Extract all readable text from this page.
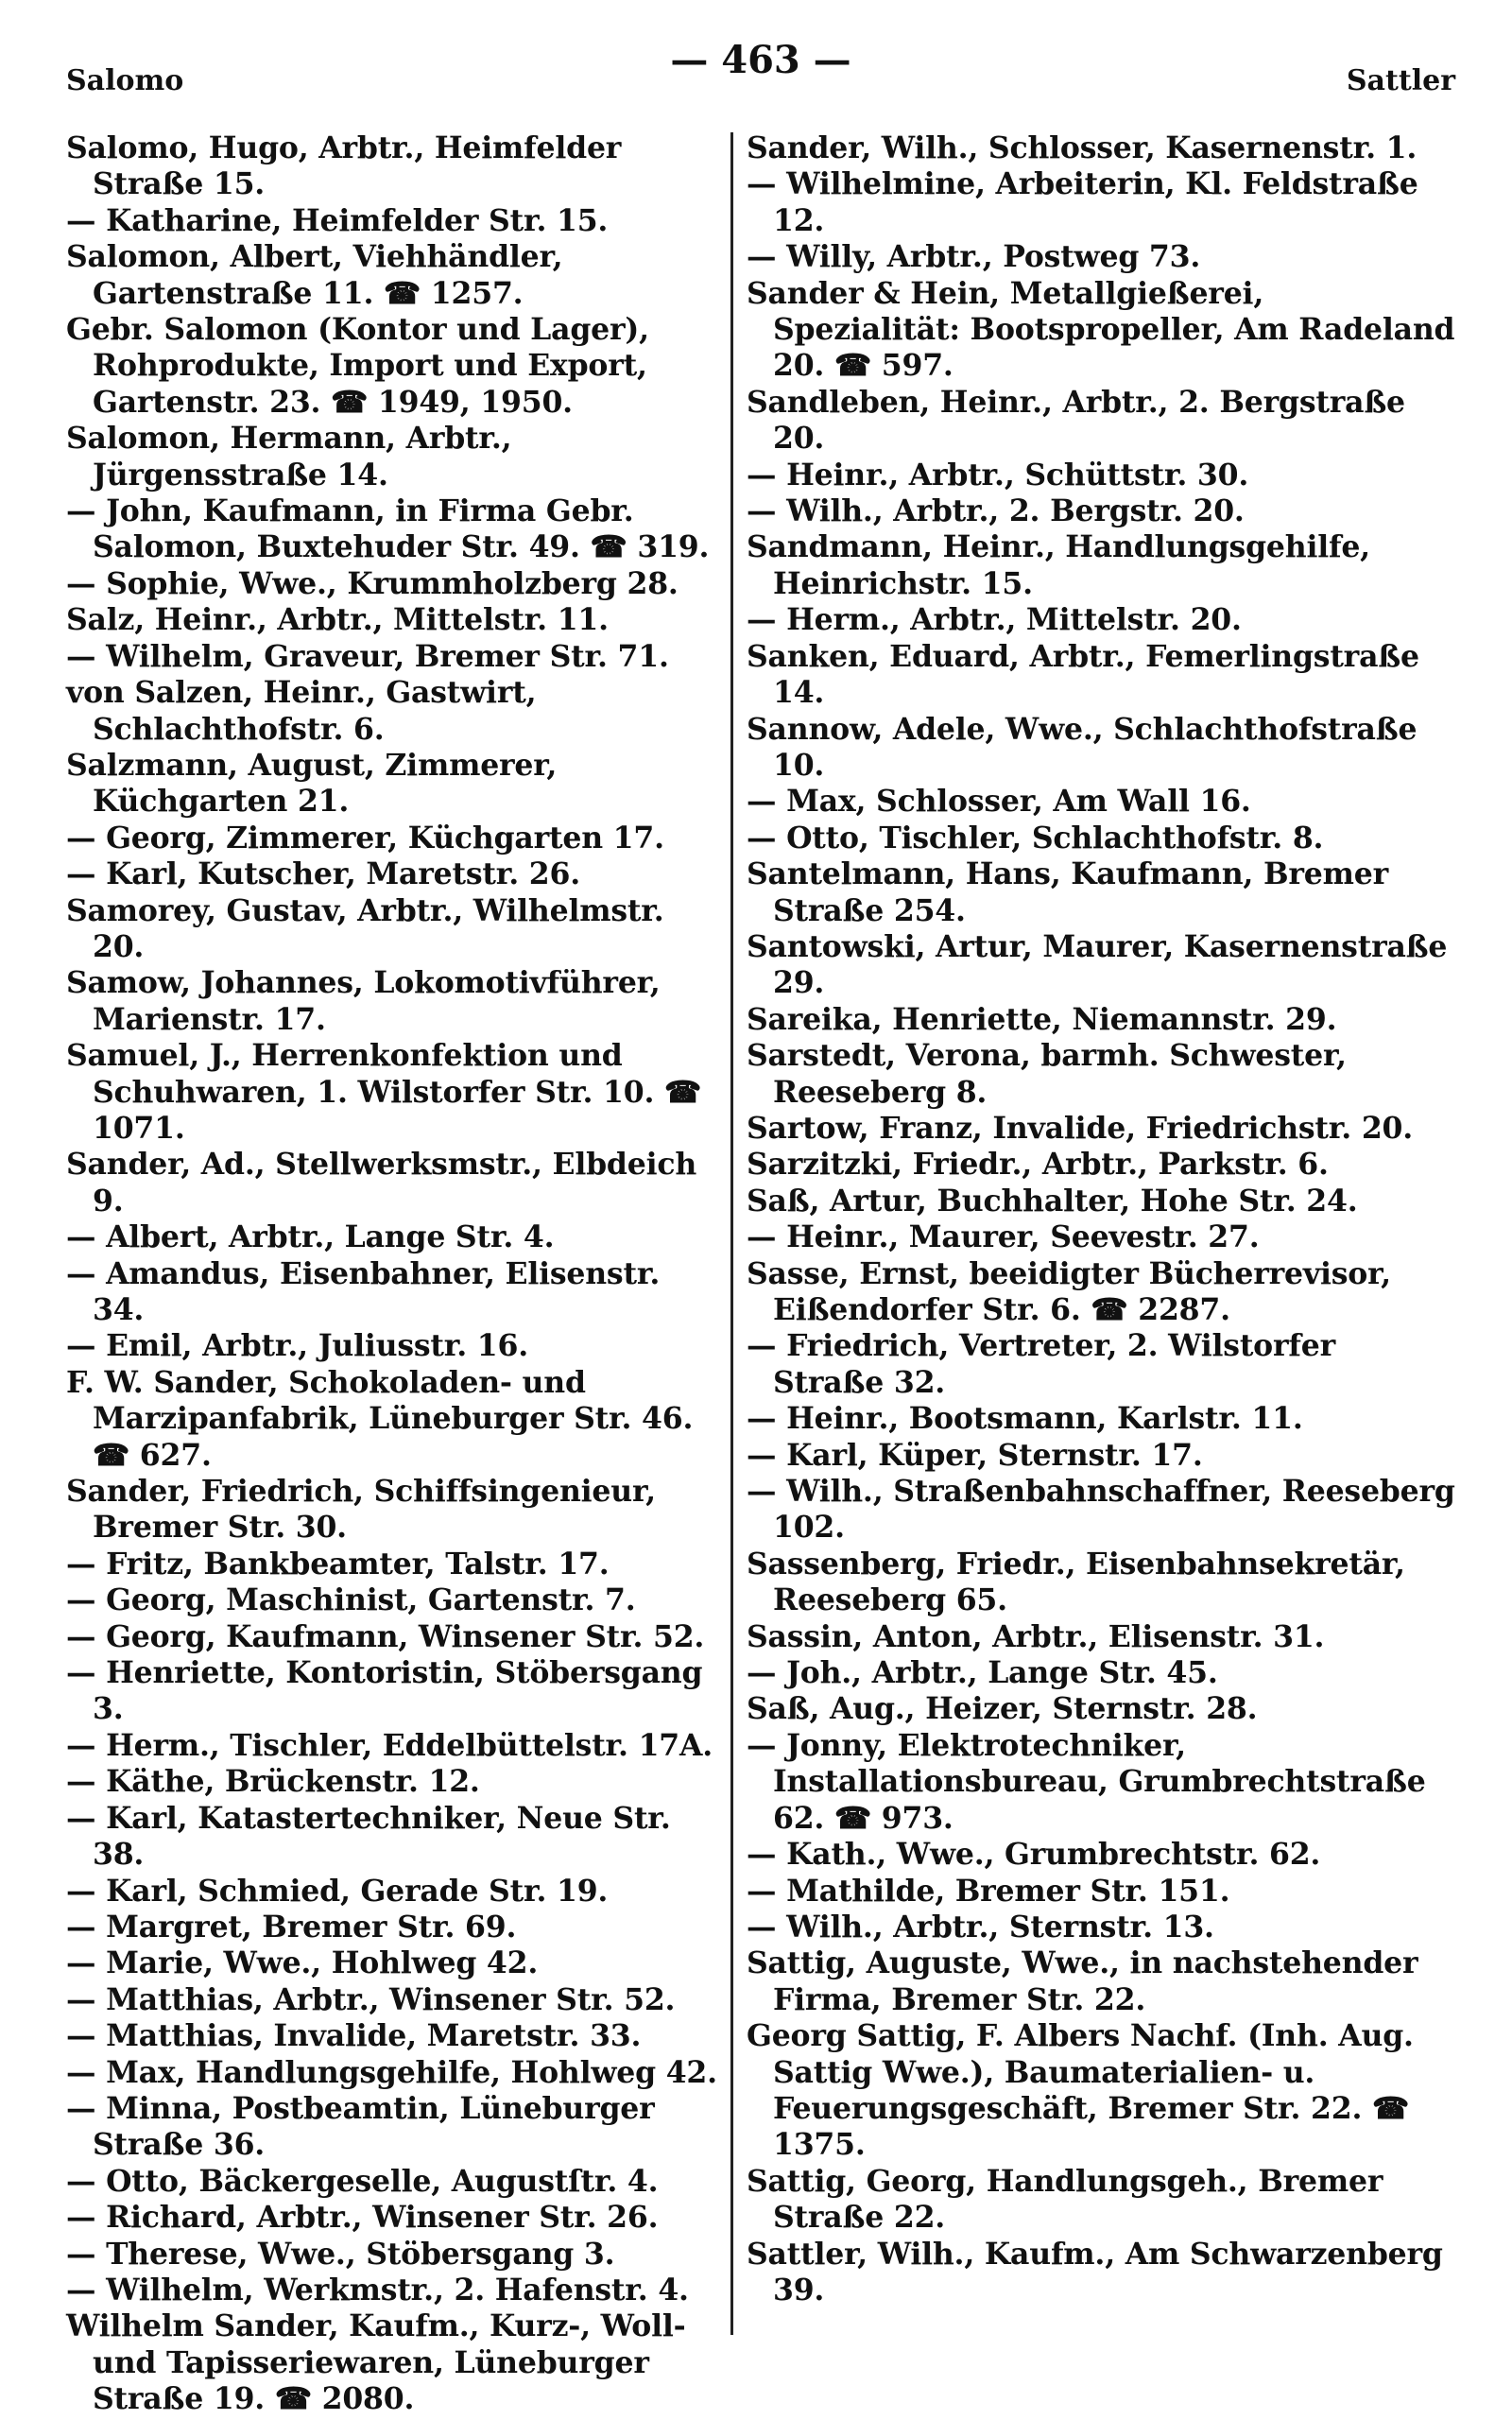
Salomo	— 463 —	Sattler

Salomo, Hugo, Arbtr., Heimfelder Straße 15.

— Katharine, Heimfelder Str. 15.

Salomon, Albert, Viehhändler, Gartenstraße 11. ☎ 1257.

Gebr. Salomon (Kontor und Lager), Rohprodukte, Import und Export, Gartenstr. 23. ☎ 1949, 1950.

Salomon, Hermann, Arbtr., Jürgensstraße 14.

— John, Kaufmann, in Firma Gebr. Salomon, Buxtehuder Str. 49. ☎ 319.

— Sophie, Wwe., Krummholzberg 28.

Salz, Heinr., Arbtr., Mittelstr. 11.

— Wilhelm, Graveur, Bremer Str. 71.

von Salzen, Heinr., Gastwirt, Schlachthofstr. 6.

Salzmann, August, Zimmerer, Küchgarten 21.

— Georg, Zimmerer, Küchgarten 17.

— Karl, Kutscher, Maretstr. 26.

Samorey, Gustav, Arbtr., Wilhelmstr. 20.

Samow, Johannes, Lokomotivführer, Marienstr. 17.

Samuel, J., Herrenkonfektion und Schuhwaren, 1. Wilstorfer Str. 10. ☎ 1071.

Sander, Ad., Stellwerksmstr., Elbdeich 9.

— Albert, Arbtr., Lange Str. 4.

— Amandus, Eisenbahner, Elisenstr. 34.

— Emil, Arbtr., Juliusstr. 16.

F. W. Sander, Schokoladen- und Marzipanfabrik, Lüneburger Str. 46. ☎ 627.

Sander, Friedrich, Schiffsingenieur, Bremer Str. 30.

— Fritz, Bankbeamter, Talstr. 17.

— Georg, Maschinist, Gartenstr. 7.

— Georg, Kaufmann, Winsener Str. 52.

— Henriette, Kontoristin, Stöbersgang 3.

— Herm., Tischler, Eddelbüttelstr. 17A.

— Käthe, Brückenstr. 12.

— Karl, Katastertechniker, Neue Str. 38.

— Karl, Schmied, Gerade Str. 19.

— Margret, Bremer Str. 69.

— Marie, Wwe., Hohlweg 42.

— Matthias, Arbtr., Winsener Str. 52.

— Matthias, Invalide, Maretstr. 33.

— Max, Handlungsgehilfe, Hohlweg 42.

— Minna, Postbeamtin, Lüneburger Straße 36.

— Otto, Bäckergeselle, Augustſtr. 4.

— Richard, Arbtr., Winsener Str. 26.

— Therese, Wwe., Stöbersgang 3.

— Wilhelm, Werkmstr., 2. Hafenstr. 4.

Wilhelm Sander, Kaufm., Kurz-, Woll- und Tapisseriewaren, Lüneburger Straße 19. ☎ 2080.

Sander, Wilh., Schlosser, Kasernenstr. 1.

— Wilhelmine, Arbeiterin, Kl. Feldstraße 12.

— Willy, Arbtr., Postweg 73.

Sander & Hein, Metallgießerei, Spezialität: Bootspropeller, Am Radeland 20. ☎ 597.

Sandleben, Heinr., Arbtr., 2. Bergstraße 20.

— Heinr., Arbtr., Schüttstr. 30.

— Wilh., Arbtr., 2. Bergstr. 20.

Sandmann, Heinr., Handlungsgehilfe, Heinrichstr. 15.

— Herm., Arbtr., Mittelstr. 20.

Sanken, Eduard, Arbtr., Femerlingstraße 14.

Sannow, Adele, Wwe., Schlachthofstraße 10.

— Max, Schlosser, Am Wall 16.

— Otto, Tischler, Schlachthofstr. 8.

Santelmann, Hans, Kaufmann, Bremer Straße 254.

Santowski, Artur, Maurer, Kasernenstraße 29.

Sareika, Henriette, Niemannstr. 29.

Sarstedt, Verona, barmh. Schwester, Reeseberg 8.

Sartow, Franz, Invalide, Friedrichstr. 20.

Sarzitzki, Friedr., Arbtr., Parkstr. 6.

Saß, Artur, Buchhalter, Hohe Str. 24.

— Heinr., Maurer, Seevestr. 27.

Sasse, Ernst, beeidigter Bücherrevisor, Eißendorfer Str. 6. ☎ 2287.

— Friedrich, Vertreter, 2. Wilstorfer Straße 32.

— Heinr., Bootsmann, Karlstr. 11.

— Karl, Küper, Sternstr. 17.

— Wilh., Straßenbahnschaffner, Reeseberg 102.

Sassenberg, Friedr., Eisenbahnsekretär, Reeseberg 65.

Sassin, Anton, Arbtr., Elisenstr. 31.

— Joh., Arbtr., Lange Str. 45.

Saß, Aug., Heizer, Sternstr. 28.

— Jonny, Elektrotechniker, Installationsbureau, Grumbrechtstraße 62. ☎ 973.

— Kath., Wwe., Grumbrechtstr. 62.

— Mathilde, Bremer Str. 151.

— Wilh., Arbtr., Sternstr. 13.

Sattig, Auguste, Wwe., in nachstehender Firma, Bremer Str. 22.

Georg Sattig, F. Albers Nachf. (Inh. Aug. Sattig Wwe.), Baumaterialien- u. Feuerungsgeschäft, Bremer Str. 22. ☎ 1375.

Sattig, Georg, Handlungsgeh., Bremer Straße 22.

Sattler, Wilh., Kaufm., Am Schwarzenberg 39.
